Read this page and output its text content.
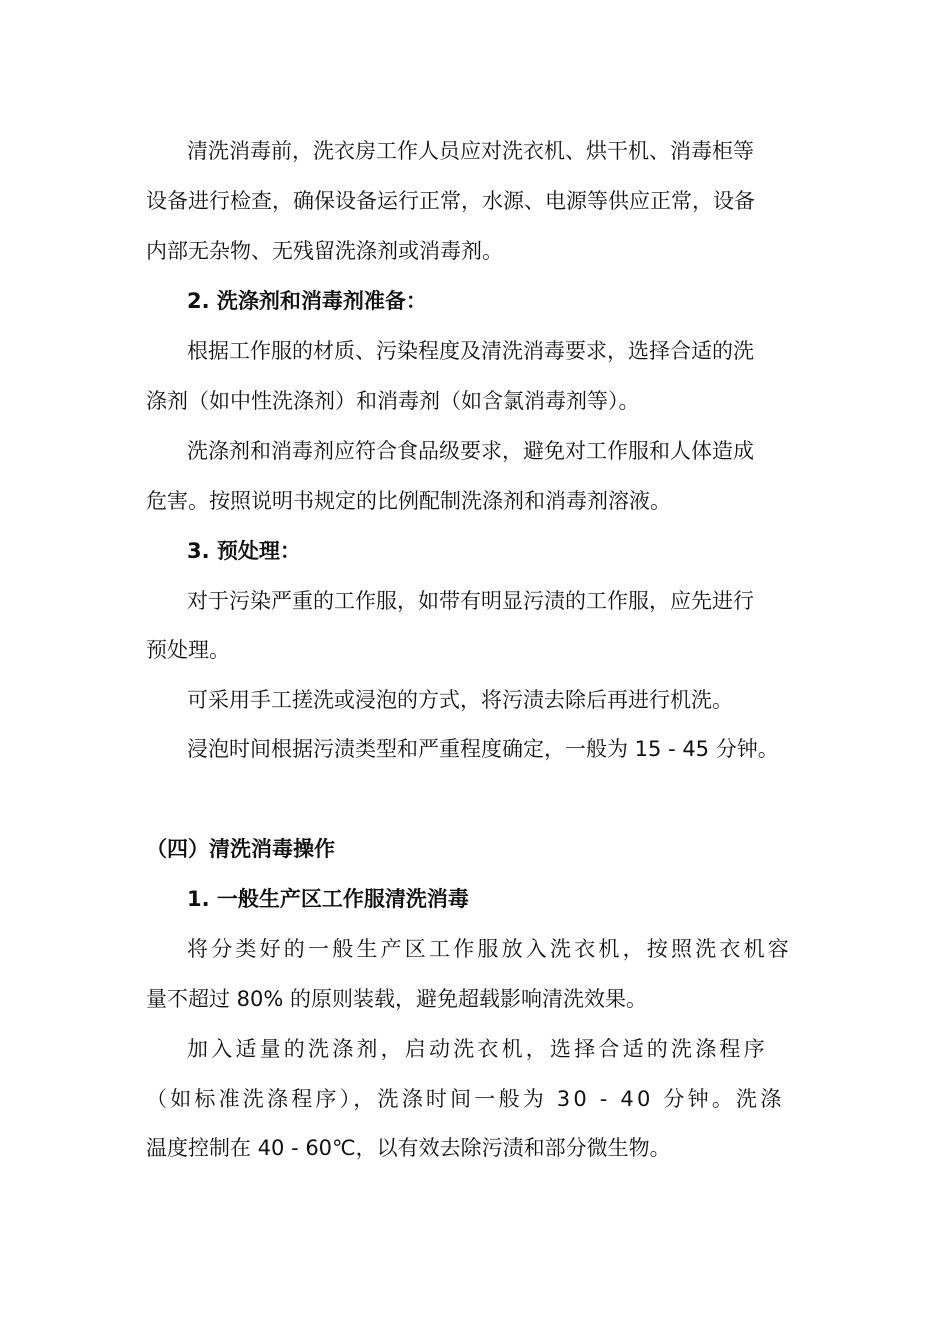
清洗消毒前，洗衣房工作人员应对洗衣机、烘干机、消毒柜等
设备进行检查，确保设备运行正常，水源、电源等供应正常，设备
内部无杂物、无残留洗涤剂或消毒剂。
2. 洗涤剂和消毒剂准备：
根据工作服的材质、污染程度及清洗消毒要求，选择合适的洗
涤剂（如中性洗涤剂）和消毒剂（如含氯消毒剂等）。
洗涤剂和消毒剂应符合食品级要求，避免对工作服和人体造成
危害。按照说明书规定的比例配制洗涤剂和消毒剂溶液。
3. 预处理：
对于污染严重的工作服，如带有明显污渍的工作服，应先进行
预处理。
可采用手工搓洗或浸泡的方式，将污渍去除后再进行机洗。
浸泡时间根据污渍类型和严重程度确定，一般为 15 - 45 分钟。
（四）清洗消毒操作
1. 一般生产区工作服清洗消毒
将分类好的一般生产区工作服放入洗衣机，按照洗衣机容
量不超过 80% 的原则装载，避免超载影响清洗效果。
加入适量的洗涤剂，启动洗衣机，选择合适的洗涤程序
（如标准洗涤程序），洗涤时间一般为 30 - 40 分钟。洗涤
温度控制在 40 - 60℃，以有效去除污渍和部分微生物。
